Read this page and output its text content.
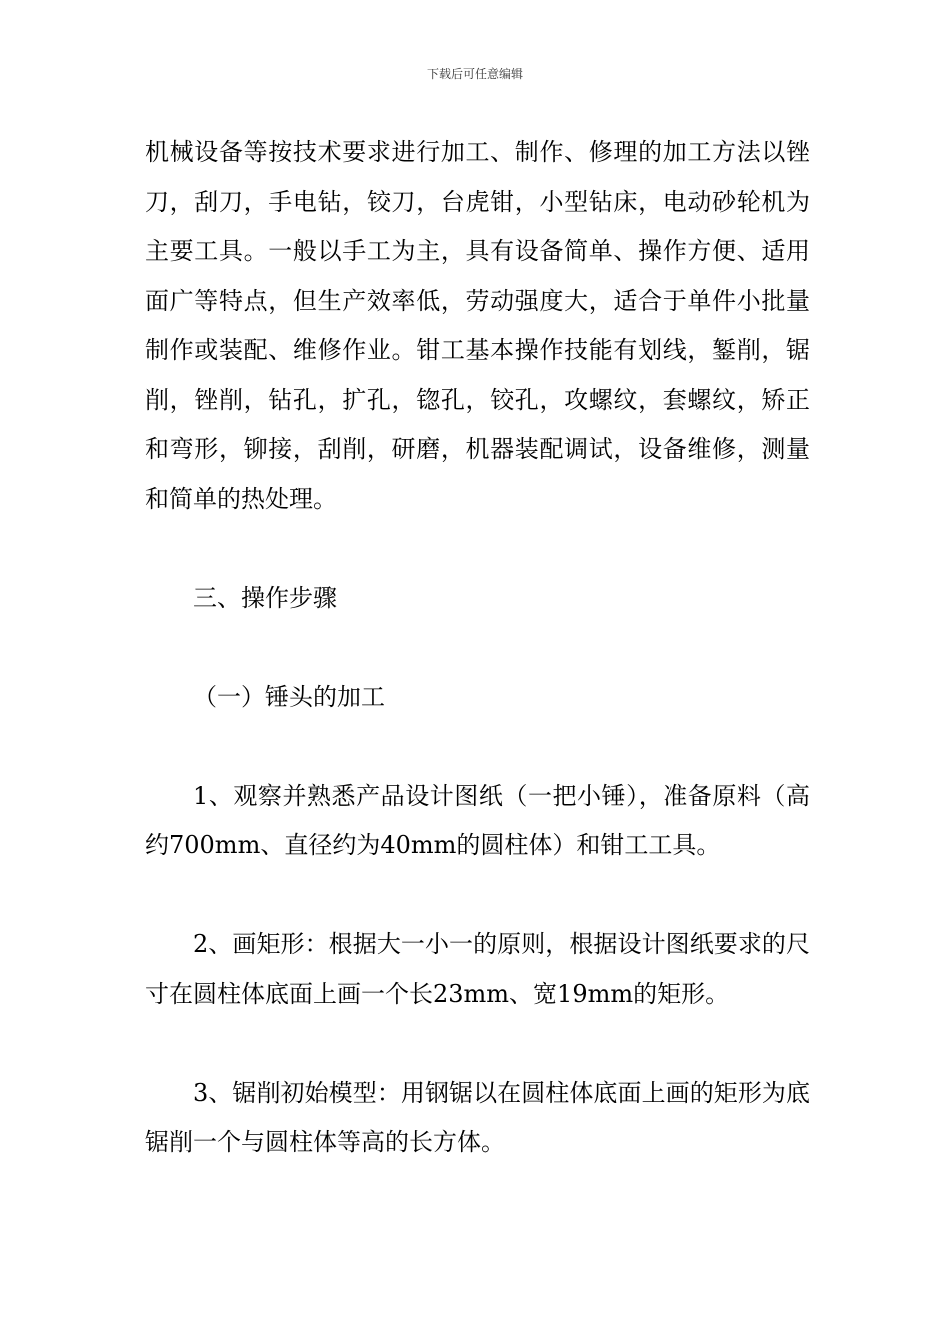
下载后可任意编辑

机械设备等按技术要求进行加工、制作、修理的加工方法以锉刀，刮刀，手电钻，铰刀，台虎钳，小型钻床，电动砂轮机为主要工具。一般以手工为主，具有设备简单、操作方便、适用面广等特点，但生产效率低，劳动强度大，适合于单件小批量制作或装配、维修作业。钳工基本操作技能有划线，錾削，锯削，锉削，钻孔，扩孔，锪孔，铰孔，攻螺纹，套螺纹，矫正和弯形，铆接，刮削，研磨，机器装配调试，设备维修，测量和简单的热处理。

三、操作步骤

（一）锤头的加工

1、观察并熟悉产品设计图纸（一把小锤），准备原料（高约700mm、直径约为40mm的圆柱体）和钳工工具。

2、画矩形：根据大一小一的原则，根据设计图纸要求的尺寸在圆柱体底面上画一个长23mm、宽19mm的矩形。

3、锯削初始模型：用钢锯以在圆柱体底面上画的矩形为底锯削一个与圆柱体等高的长方体。
